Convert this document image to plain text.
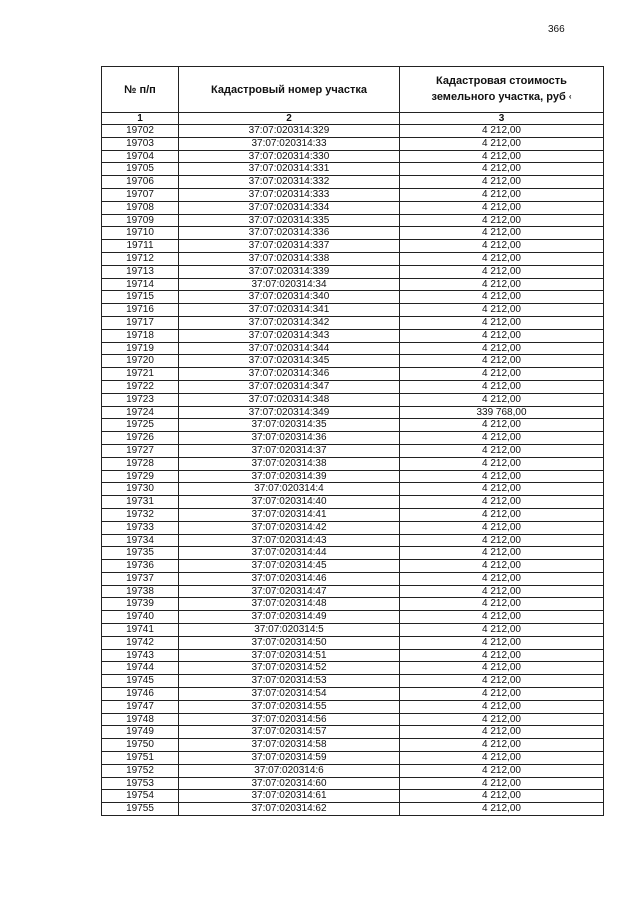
366
№ п/п	Кадастровый номер участка	Кадастровая стоимость земельного участка, руб ‹
1	2	3
19702	37:07:020314:329	4 212,00
19703	37:07:020314:33	4 212,00
19704	37:07:020314:330	4 212,00
19705	37:07:020314:331	4 212,00
19706	37:07:020314:332	4 212,00
19707	37:07:020314:333	4 212,00
19708	37:07:020314:334	4 212,00
19709	37:07:020314:335	4 212,00
19710	37:07:020314:336	4 212,00
19711	37:07:020314:337	4 212,00
19712	37:07:020314:338	4 212,00
19713	37:07:020314:339	4 212,00
19714	37:07:020314:34	4 212,00
19715	37:07:020314:340	4 212,00
19716	37:07:020314:341	4 212,00
19717	37:07:020314:342	4 212,00
19718	37:07:020314:343	4 212,00
19719	37:07:020314:344	4 212,00
19720	37:07:020314:345	4 212,00
19721	37:07:020314:346	4 212,00
19722	37:07:020314:347	4 212,00
19723	37:07:020314:348	4 212,00
19724	37:07:020314:349	339 768,00
19725	37:07:020314:35	4 212,00
19726	37:07:020314:36	4 212,00
19727	37:07:020314:37	4 212,00
19728	37:07:020314:38	4 212,00
19729	37:07:020314:39	4 212,00
19730	37:07:020314:4	4 212,00
19731	37:07:020314:40	4 212,00
19732	37:07:020314:41	4 212,00
19733	37:07:020314:42	4 212,00
19734	37:07:020314:43	4 212,00
19735	37:07:020314:44	4 212,00
19736	37:07:020314:45	4 212,00
19737	37:07:020314:46	4 212,00
19738	37:07:020314:47	4 212,00
19739	37:07:020314:48	4 212,00
19740	37:07:020314:49	4 212,00
19741	37:07:020314:5	4 212,00
19742	37:07:020314:50	4 212,00
19743	37:07:020314:51	4 212,00
19744	37:07:020314:52	4 212,00
19745	37:07:020314:53	4 212,00
19746	37:07:020314:54	4 212,00
19747	37:07:020314:55	4 212,00
19748	37:07:020314:56	4 212,00
19749	37:07:020314:57	4 212,00
19750	37:07:020314:58	4 212,00
19751	37:07:020314:59	4 212,00
19752	37:07:020314:6	4 212,00
19753	37:07:020314:60	4 212,00
19754	37:07:020314:61	4 212,00
19755	37:07:020314:62	4 212,00
